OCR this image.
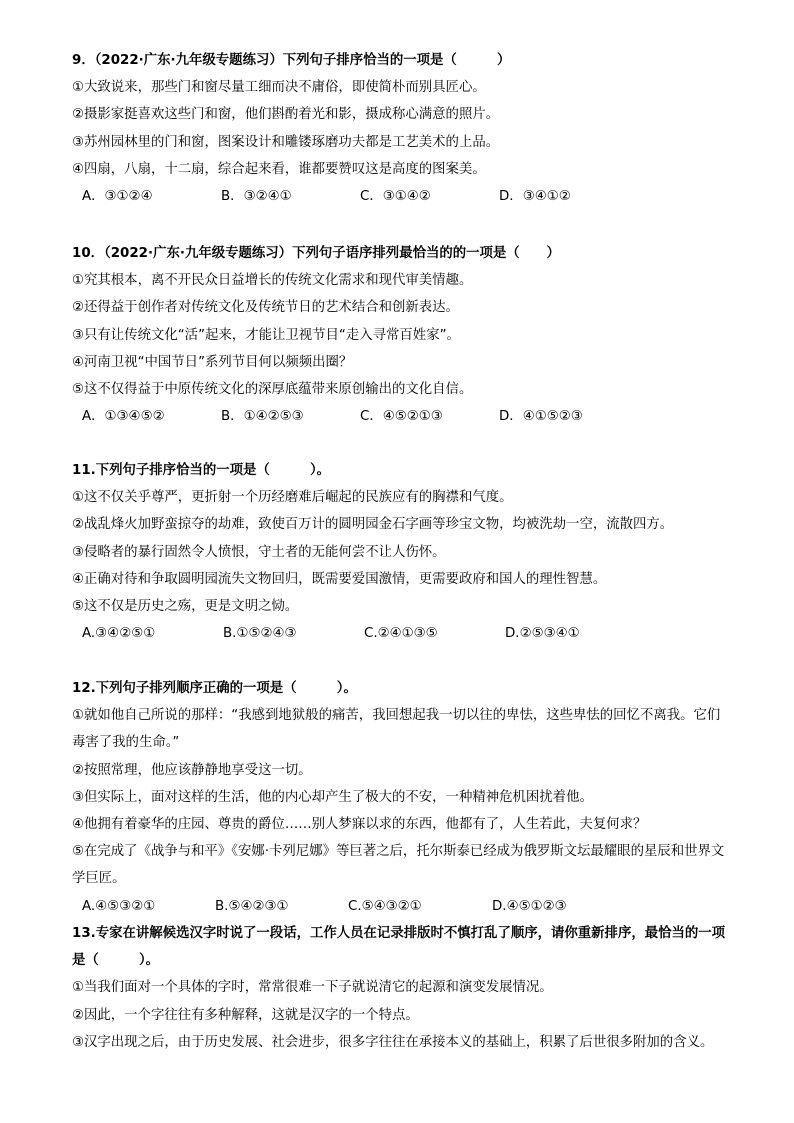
9．（2022·广东·九年级专题练习）下列句子排序恰当的一项是（　　　）
①大致说来，那些门和窗尽量工细而决不庸俗，即使简朴而别具匠心。
②摄影家挺喜欢这些门和窗，他们斟酌着光和影，摄成称心满意的照片。
③苏州园林里的门和窗，图案设计和雕镂琢磨功夫都是工艺美术的上品。
④四扇，八扇，十二扇，综合起来看，谁都要赞叹这是高度的图案美。
A．③①②④	B．③②④①	C．③①④②	D．③④①②
10．（2022·广东·九年级专题练习）下列句子语序排列最恰当的的一项是（　　）
①究其根本，离不开民众日益增长的传统文化需求和现代审美情趣。
②还得益于创作者对传统文化及传统节日的艺术结合和创新表达。
③只有让传统文化“活”起来，才能让卫视节目“走入寻常百姓家”。
④河南卫视“中国节日”系列节目何以频频出圈？
⑤这不仅得益于中原传统文化的深厚底蕴带来原创输出的文化自信。
A．①③④⑤②	B．①④②⑤③	C．④⑤②①③	D．④①⑤②③
11.下列句子排序恰当的一项是（　　　）。
①这不仅关乎尊严，更折射一个历经磨难后崛起的民族应有的胸襟和气度。
②战乱烽火加野蛮掠夺的劫难，致使百万计的圆明园金石字画等珍宝文物，均被洗劫一空，流散四方。
③侵略者的暴行固然令人愤恨，守土者的无能何尝不让人伤怀。
④正确对待和争取圆明园流失文物回归，既需要爱国激情，更需要政府和国人的理性智慧。
⑤这不仅是历史之殇，更是文明之恸。
A.③④②⑤①	B.①⑤②④③	C.②④①③⑤	D.②⑤③④①
12.下列句子排列顺序正确的一项是（　　　）。
①就如他自己所说的那样：“我感到地狱般的痛苦，我回想起我一切以往的卑怯，这些卑怯的回忆不离我。它们毒害了我的生命。”
②按照常理，他应该静静地享受这一切。
③但实际上，面对这样的生活，他的内心却产生了极大的不安，一种精神危机困扰着他。
④他拥有着豪华的庄园、尊贵的爵位……别人梦寐以求的东西，他都有了，人生若此，夫复何求？
⑤在完成了《战争与和平》《安娜·卡列尼娜》等巨著之后，托尔斯泰已经成为俄罗斯文坛最耀眼的星辰和世界文学巨匠。
A.④⑤③②①	B.⑤④②③①	C.⑤④③②①	D.④⑤①②③
13.专家在讲解候选汉字时说了一段话，工作人员在记录排版时不慎打乱了顺序，请你重新排序，最恰当的一项是（　　　）。
①当我们面对一个具体的字时，常常很难一下子就说清它的起源和演变发展情况。
②因此，一个字往往有多种解释，这就是汉字的一个特点。
③汉字出现之后，由于历史发展、社会进步，很多字往往在承接本义的基础上，积累了后世很多附加的含义。
